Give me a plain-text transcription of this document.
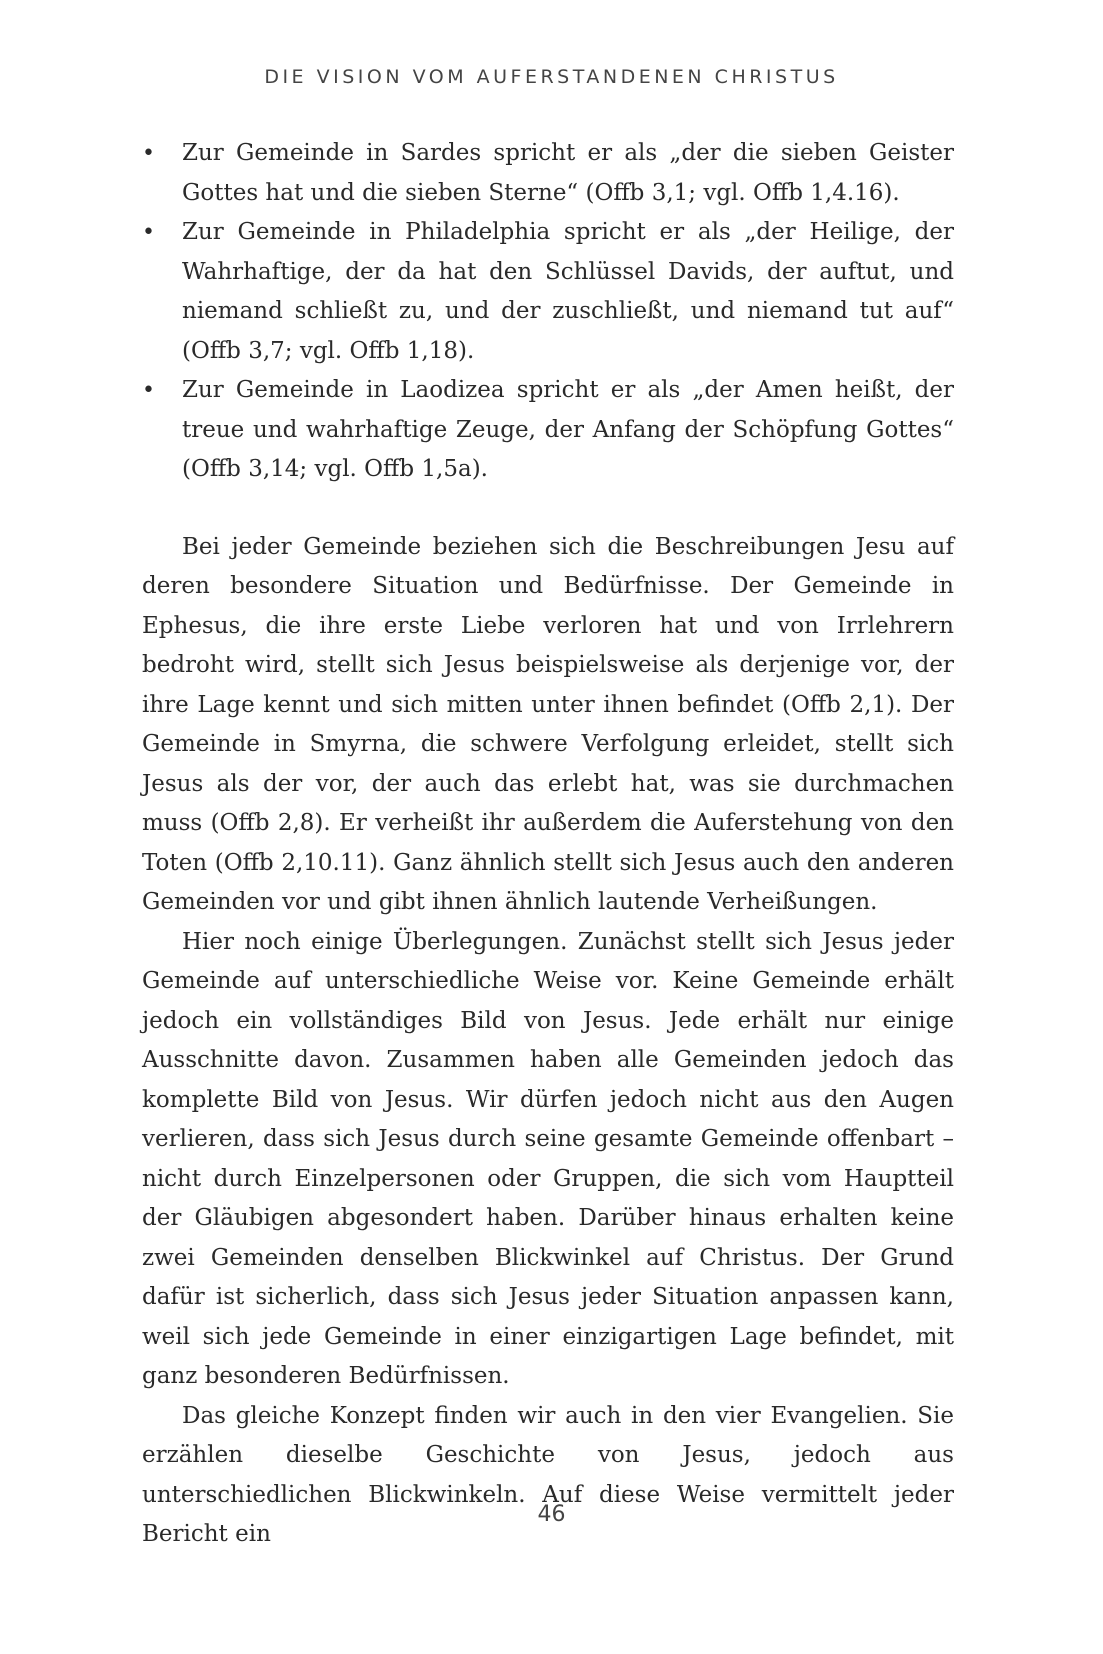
DIE VISION VOM AUFERSTANDENEN CHRISTUS
• Zur Gemeinde in Sardes spricht er als „der die sieben Geister Gottes hat und die sieben Sterne“ (Offb 3,1; vgl. Offb 1,4.16).
• Zur Gemeinde in Philadelphia spricht er als „der Heilige, der Wahrhaftige, der da hat den Schlüssel Davids, der auftut, und niemand schließt zu, und der zuschließt, und niemand tut auf“ (Offb 3,7; vgl. Offb 1,18).
• Zur Gemeinde in Laodizea spricht er als „der Amen heißt, der treue und wahrhaftige Zeuge, der Anfang der Schöpfung Gottes“ (Offb 3,14; vgl. Offb 1,5a).

Bei jeder Gemeinde beziehen sich die Beschreibungen Jesu auf deren besondere Situation und Bedürfnisse. Der Gemeinde in Ephesus, die ihre erste Liebe verloren hat und von Irrlehrern bedroht wird, stellt sich Jesus beispielsweise als derjenige vor, der ihre Lage kennt und sich mitten unter ihnen befindet (Offb 2,1). Der Gemeinde in Smyrna, die schwere Verfolgung erleidet, stellt sich Jesus als der vor, der auch das erlebt hat, was sie durchmachen muss (Offb 2,8). Er verheißt ihr außerdem die Auferstehung von den Toten (Offb 2,10.11). Ganz ähnlich stellt sich Jesus auch den anderen Gemeinden vor und gibt ihnen ähnlich lautende Verheißungen.

Hier noch einige Überlegungen. Zunächst stellt sich Jesus jeder Gemeinde auf unterschiedliche Weise vor. Keine Gemeinde erhält jedoch ein vollständiges Bild von Jesus. Jede erhält nur einige Ausschnitte davon. Zusammen haben alle Gemeinden jedoch das komplette Bild von Jesus. Wir dürfen jedoch nicht aus den Augen verlieren, dass sich Jesus durch seine gesamte Gemeinde offenbart – nicht durch Einzelpersonen oder Gruppen, die sich vom Hauptteil der Gläubigen abgesondert haben. Darüber hinaus erhalten keine zwei Gemeinden denselben Blickwinkel auf Christus. Der Grund dafür ist sicherlich, dass sich Jesus jeder Situation anpassen kann, weil sich jede Gemeinde in einer einzigartigen Lage befindet, mit ganz besonderen Bedürfnissen.

Das gleiche Konzept finden wir auch in den vier Evangelien. Sie erzählen dieselbe Geschichte von Jesus, jedoch aus unterschiedlichen Blickwinkeln. Auf diese Weise vermittelt jeder Bericht ein

46
